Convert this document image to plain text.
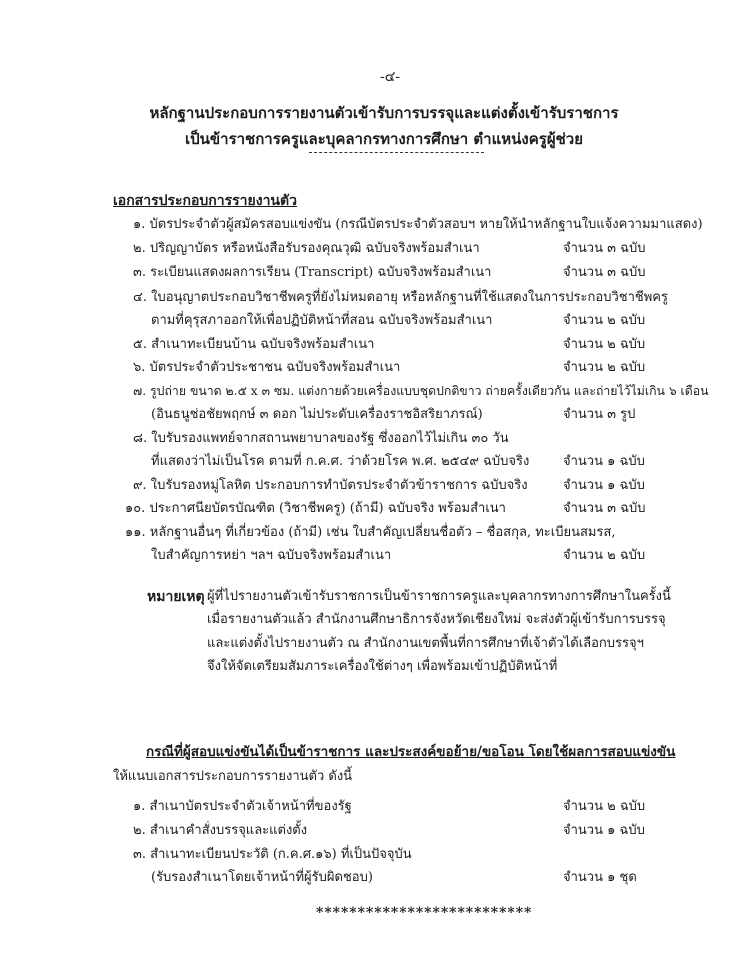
-๔-
หลักฐานประกอบการรายงานตัวเข้ารับการบรรจุและแต่งตั้งเข้ารับราชการ
เป็นข้าราชการครูและบุคลากรทางการศึกษา ตำแหน่งครูผู้ช่วย
เอกสารประกอบการรายงานตัว
๑. บัตรประจำตัวผู้สมัครสอบแข่งขัน (กรณีบัตรประจำตัวสอบฯ หายให้นำหลักฐานใบแจ้งความมาแสดง)
๒. ปริญญาบัตร หรือหนังสือรับรองคุณวุฒิ ฉบับจริงพร้อมสำเนา	จำนวน ๓ ฉบับ
๓. ระเบียนแสดงผลการเรียน (Transcript) ฉบับจริงพร้อมสำเนา	จำนวน ๓ ฉบับ
๔. ใบอนุญาตประกอบวิชาชีพครูที่ยังไม่หมดอายุ หรือหลักฐานที่ใช้แสดงในการประกอบวิชาชีพครู
ตามที่คุรุสภาออกให้เพื่อปฏิบัติหน้าที่สอน ฉบับจริงพร้อมสำเนา	จำนวน ๒ ฉบับ
๕. สำเนาทะเบียนบ้าน ฉบับจริงพร้อมสำเนา	จำนวน ๒ ฉบับ
๖. บัตรประจำตัวประชาชน ฉบับจริงพร้อมสำเนา	จำนวน ๒ ฉบับ
๗. รูปถ่าย ขนาด ๒.๕ x ๓ ซม. แต่งกายด้วยเครื่องแบบชุดปกติขาว ถ่ายครั้งเดียวกัน และถ่ายไว้ไม่เกิน ๖ เดือน
(อินธนูช่อชัยพฤกษ์ ๓ ดอก ไม่ประดับเครื่องราชอิสริยาภรณ์)	จำนวน ๓ รูป
๘. ใบรับรองแพทย์จากสถานพยาบาลของรัฐ ซึ่งออกไว้ไม่เกิน ๓๐ วัน
ที่แสดงว่าไม่เป็นโรค ตามที่ ก.ค.ศ. ว่าด้วยโรค พ.ศ. ๒๕๔๙ ฉบับจริง	จำนวน ๑ ฉบับ
๙. ใบรับรองหมู่โลหิต ประกอบการทำบัตรประจำตัวข้าราชการ ฉบับจริง	จำนวน ๑ ฉบับ
๑๐. ประกาศนียบัตรบัณฑิต (วิชาชีพครู) (ถ้ามี) ฉบับจริง พร้อมสำเนา	จำนวน ๓ ฉบับ
๑๑. หลักฐานอื่นๆ ที่เกี่ยวข้อง (ถ้ามี) เช่น ใบสำคัญเปลี่ยนชื่อตัว – ชื่อสกุล, ทะเบียนสมรส,
ใบสำคัญการหย่า ฯลฯ ฉบับจริงพร้อมสำเนา	จำนวน ๒ ฉบับ
หมายเหตุ ผู้ที่ไปรายงานตัวเข้ารับราชการเป็นข้าราชการครูและบุคลากรทางการศึกษาในครั้งนี้
เมื่อรายงานตัวแล้ว สำนักงานศึกษาธิการจังหวัดเชียงใหม่ จะส่งตัวผู้เข้ารับการบรรจุ
และแต่งตั้งไปรายงานตัว ณ สำนักงานเขตพื้นที่การศึกษาที่เจ้าตัวได้เลือกบรรจุฯ
จึงให้จัดเตรียมสัมภาระเครื่องใช้ต่างๆ เพื่อพร้อมเข้าปฏิบัติหน้าที่
กรณีที่ผู้สอบแข่งขันได้เป็นข้าราชการ และประสงค์ขอย้าย/ขอโอน โดยใช้ผลการสอบแข่งขัน
ให้แนบเอกสารประกอบการรายงานตัว ดังนี้
๑. สำเนาบัตรประจำตัวเจ้าหน้าที่ของรัฐ	จำนวน ๒ ฉบับ
๒. สำเนาคำสั่งบรรจุและแต่งตั้ง	จำนวน ๑ ฉบับ
๓. สำเนาทะเบียนประวัติ (ก.ค.ศ.๑๖) ที่เป็นปัจจุบัน
(รับรองสำเนาโดยเจ้าหน้าที่ผู้รับผิดชอบ)	จำนวน ๑ ชุด
**************************
